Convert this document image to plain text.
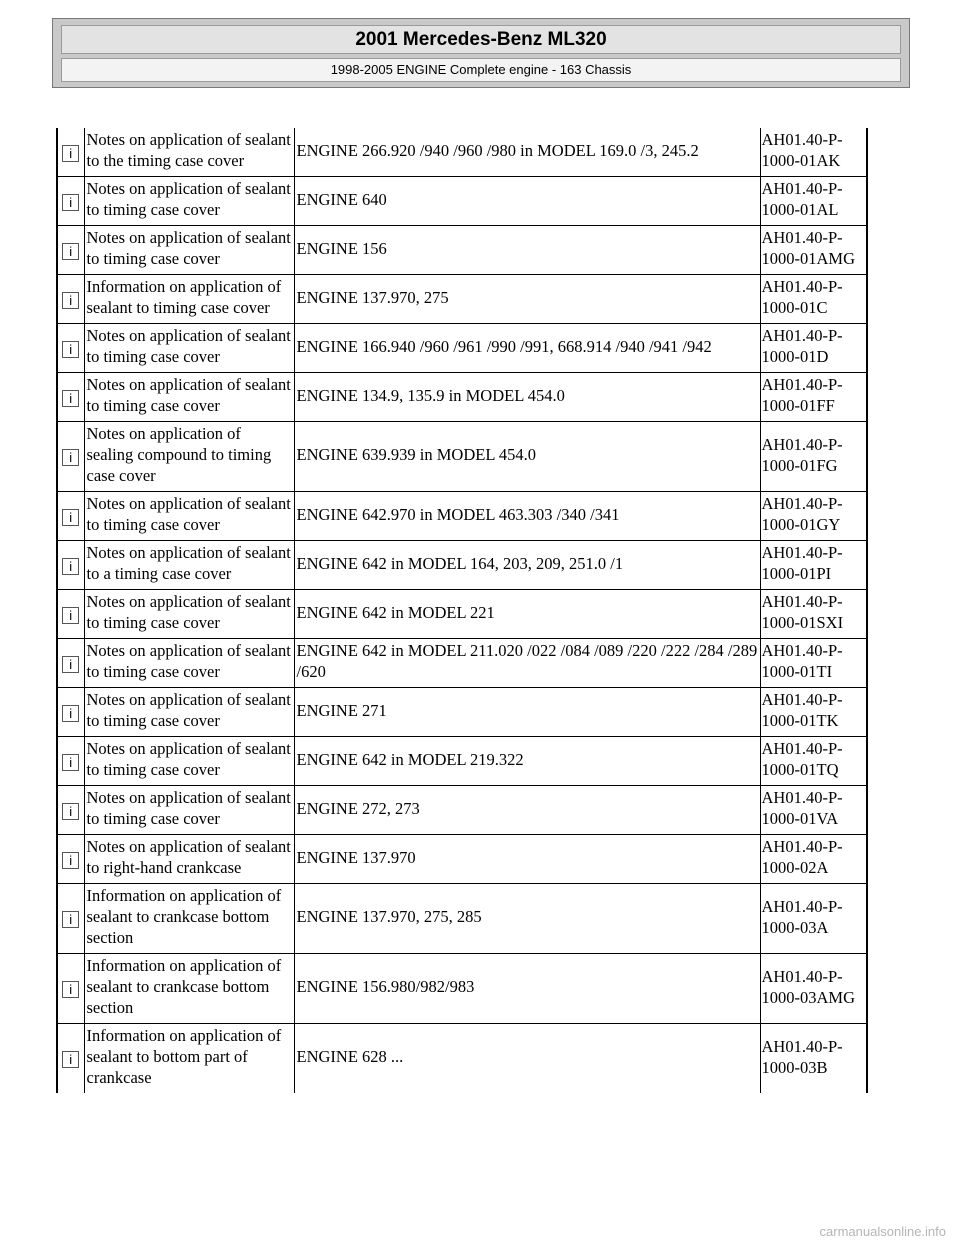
2001 Mercedes-Benz ML320
1998-2005 ENGINE Complete engine - 163 Chassis
i	Notes on application of sealant to the timing case cover	ENGINE 266.920 /940 /960 /980 in MODEL 169.0 /3, 245.2	AH01.40-P-1000-01AK
i	Notes on application of sealant to timing case cover	ENGINE 640	AH01.40-P-1000-01AL
i	Notes on application of sealant to timing case cover	ENGINE 156	AH01.40-P-1000-01AMG
i	Information on application of sealant to timing case cover	ENGINE 137.970, 275	AH01.40-P-1000-01C
i	Notes on application of sealant to timing case cover	ENGINE 166.940 /960 /961 /990 /991, 668.914 /940 /941 /942	AH01.40-P-1000-01D
i	Notes on application of sealant to timing case cover	ENGINE 134.9, 135.9 in MODEL 454.0	AH01.40-P-1000-01FF
i	Notes on application of sealing compound to timing case cover	ENGINE 639.939 in MODEL 454.0	AH01.40-P-1000-01FG
i	Notes on application of sealant to timing case cover	ENGINE 642.970 in MODEL 463.303 /340 /341	AH01.40-P-1000-01GY
i	Notes on application of sealant to a timing case cover	ENGINE 642 in MODEL 164, 203, 209, 251.0 /1	AH01.40-P-1000-01PI
i	Notes on application of sealant to timing case cover	ENGINE 642 in MODEL 221	AH01.40-P-1000-01SXI
i	Notes on application of sealant to timing case cover	ENGINE 642 in MODEL 211.020 /022 /084 /089 /220 /222 /284 /289 /620	AH01.40-P-1000-01TI
i	Notes on application of sealant to timing case cover	ENGINE 271	AH01.40-P-1000-01TK
i	Notes on application of sealant to timing case cover	ENGINE 642 in MODEL 219.322	AH01.40-P-1000-01TQ
i	Notes on application of sealant to timing case cover	ENGINE 272, 273	AH01.40-P-1000-01VA
i	Notes on application of sealant to right-hand crankcase	ENGINE 137.970	AH01.40-P-1000-02A
i	Information on application of sealant to crankcase bottom section	ENGINE 137.970, 275, 285	AH01.40-P-1000-03A
i	Information on application of sealant to crankcase bottom section	ENGINE 156.980/982/983	AH01.40-P-1000-03AMG
i	Information on application of sealant to bottom part of crankcase	ENGINE 628 ...	AH01.40-P-1000-03B
carmanualsonline.info
